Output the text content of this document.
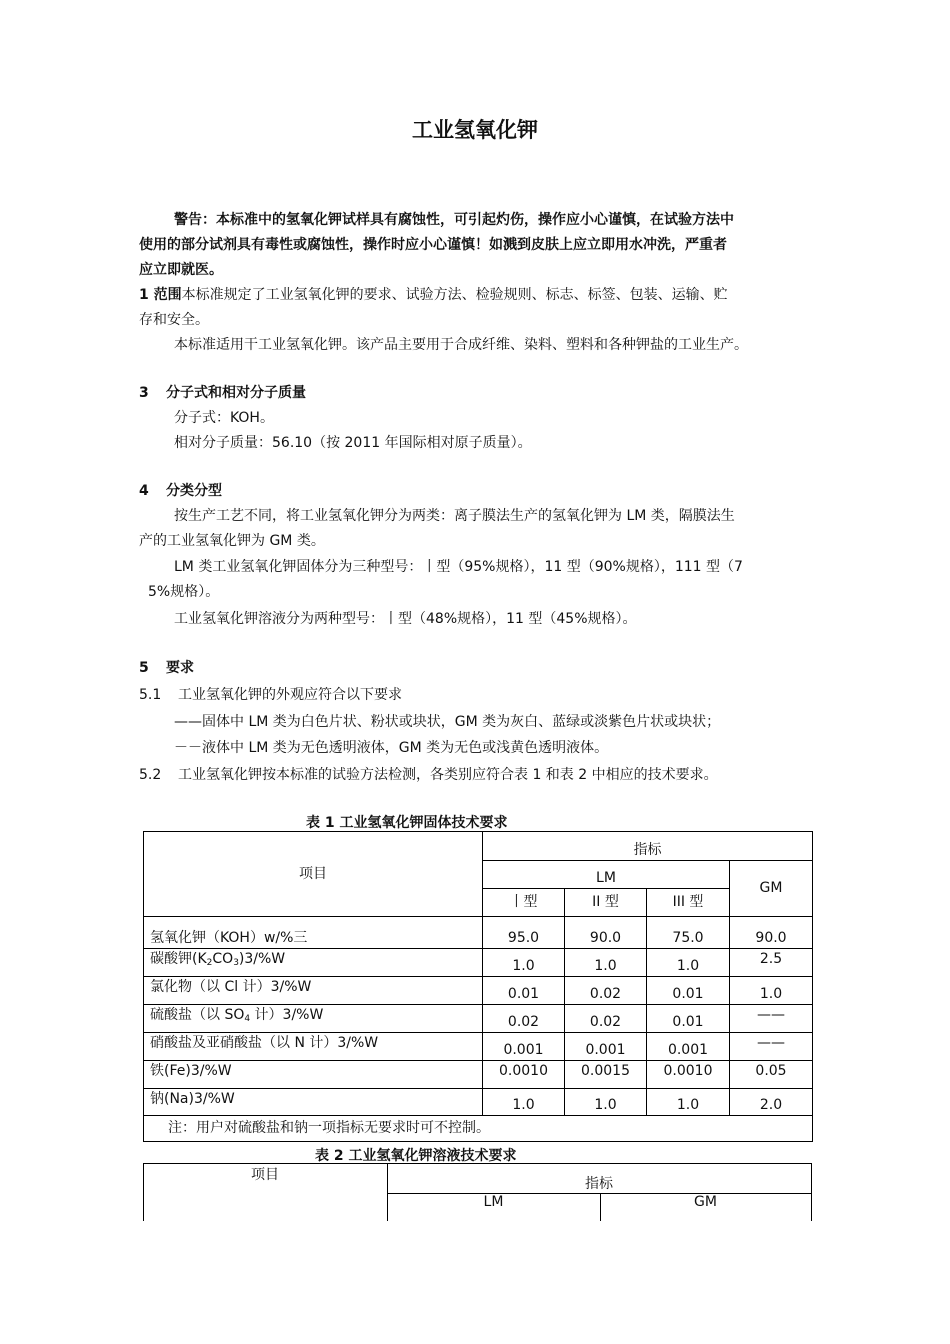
工业氢氧化钾
警告：本标准中的氢氧化钾试样具有腐蚀性，可引起灼伤，操作应小心谨慎，在试验方法中
使用的部分试剂具有毒性或腐蚀性，操作时应小心谨慎！如溅到皮肤上应立即用水冲洗，严重者
应立即就医。
1 范围本标准规定了工业氢氧化钾的要求、试验方法、检验规则、标志、标签、包装、运输、贮
存和安全。
本标准适用干工业氢氧化钾。该产品主要用于合成纤维、染料、塑料和各种钾盐的工业生产。
3 分子式和相对分子质量
分子式：KOH。
相对分子质量：56.10（按 2011 年国际相对原子质量）。
4 分类分型
按生产工艺不同，将工业氢氧化钾分为两类：离子膜法生产的氢氧化钾为 LM 类，隔膜法生
产的工业氢氧化钾为 GM 类。
LM 类工业氢氧化钾固体分为三种型号：丨型（95%规格），11 型（90%规格），111 型（7
5%规格）。
工业氢氧化钾溶液分为两种型号：丨型（48%规格），11 型（45%规格）。
5 要求
5.1 工业氢氧化钾的外观应符合以下要求
——固体中 LM 类为白色片状、粉状或块状，GM 类为灰白、蓝绿或淡紫色片状或块状；
－－液体中 LM 类为无色透明液体，GM 类为无色或浅黄色透明液体。
5.2 工业氢氧化钾按本标准的试验方法检测，各类别应符合表 1 和表 2 中相应的技术要求。
表 1 工业氢氧化钾固体技术要求
项目	指标			
	LM			GM
	丨型	II 型	III 型	
氢氧化钾（KOH）w/%三	95.0	90.0	75.0	90.0
碳酸钾$(K_2CO_3)3/\%W$	1.0	1.0	1.0	2.5
氯化物（以 Cl 计）3/%W	0.01	0.02	0.01	1.0
硫酸盐（以 $SO_4$ 计）3/%W	0.02	0.02	0.01	——
硝酸盐及亚硝酸盐（以 N 计）3/%W	0.001	0.001	0.001	——
铁(Fe)3/%W	0.0010	0.0015	0.0010	0.05
钠(Na)3/%W	1.0	1.0	1.0	2.0
注：用户对硫酸盐和钠一项指标无要求时可不控制。				
表 2 工业氢氧化钾溶液技术要求
项目
指标
LM	GM
